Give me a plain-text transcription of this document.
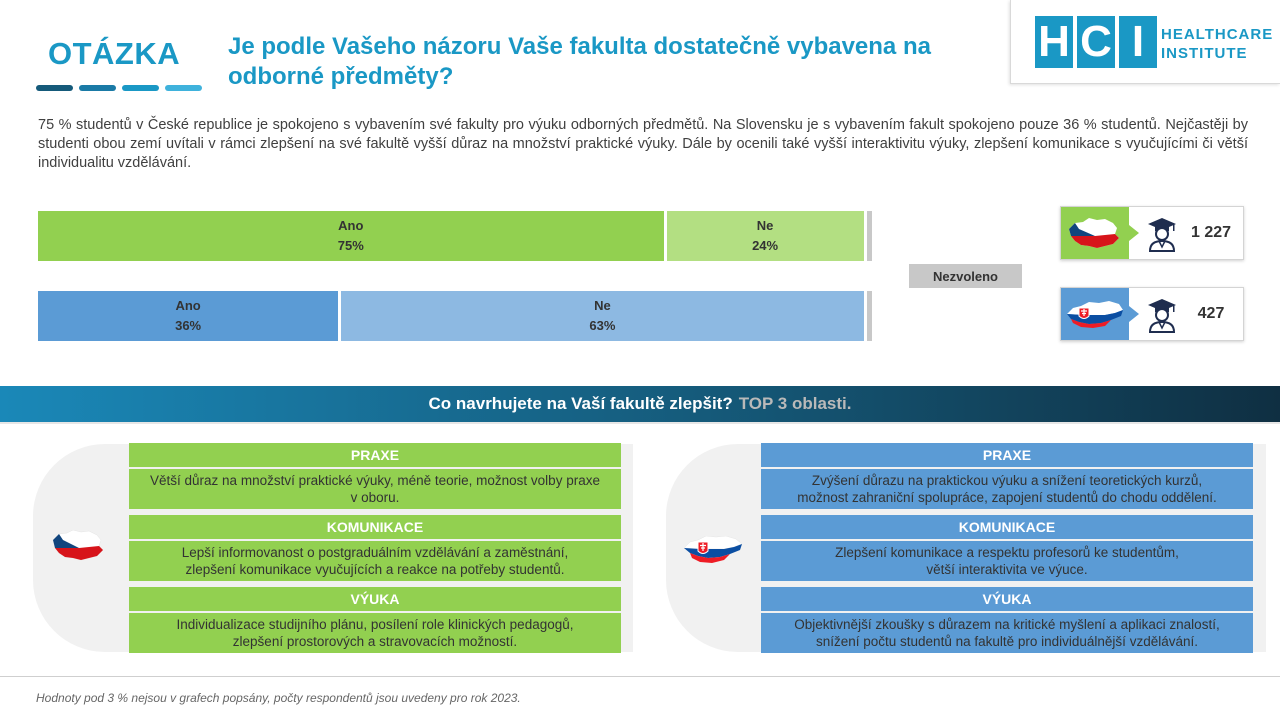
OTÁZKA Je podle Vašeho názoru Vaše fakulta dostatečně vybavena na odborné předměty?
H C I	HEALTHCARE
INSTITUTE

75 % studentů v České republice je spokojeno s vybavením své fakulty pro výuku odborných předmětů. Na Slovensku je s vybavením fakult spokojeno pouze 36 % studentů. Nejčastěji by studenti obou zemí uvítali v rámci zlepšení na své fakultě vyšší důraz na množství praktické výuky. Dále by ocenili také vyšší interaktivitu výuky, zlepšení komunikace s vyučujícími či větší individualitu vzdělávání.

Ano
75%
Ne
24%
Ano
36%
Ne
63%
Nezvoleno
1 227
427
Co navrhujete na Vaší fakultě zlepšit? TOP 3 oblasti.
PRAXE
Větší důraz na množství praktické výuky, méně teorie, možnost volby praxe v oboru.
KOMUNIKACE
Lepší informovanost o postgraduálním vzdělávání a zaměstnání,
zlepšení komunikace vyučujících a reakce na potřeby studentů.
VÝUKA
Individualizace studijního plánu, posílení role klinických pedagogů,
zlepšení prostorových a stravovacích možností.
PRAXE
Zvýšení důrazu na praktickou výuku a snížení teoretických kurzů,
možnost zahraniční spolupráce, zapojení studentů do chodu oddělení.
KOMUNIKACE
Zlepšení komunikace a respektu profesorů ke studentům,
větší interaktivita ve výuce.
VÝUKA
Objektivnější zkoušky s důrazem na kritické myšlení a aplikaci znalostí,
snížení počtu studentů na fakultě pro individuálnější vzdělávání.
Hodnoty pod 3 % nejsou v grafech popsány, počty respondentů jsou uvedeny pro rok 2023.
